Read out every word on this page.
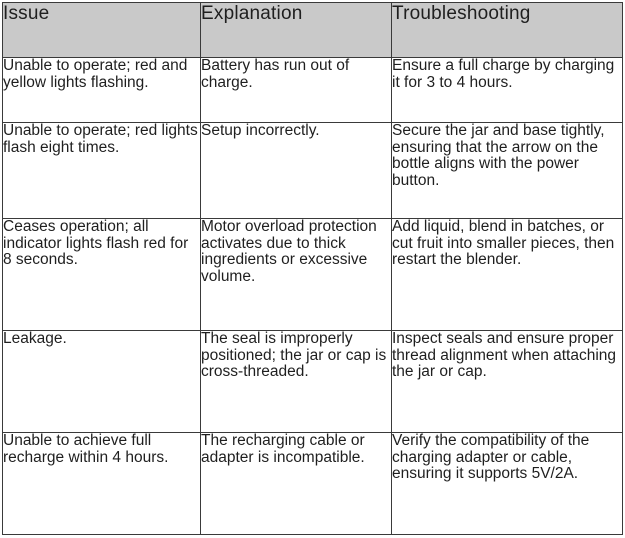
Issue	Explanation	Troubleshooting

Unable to operate; red and yellow lights flashing.	Battery has run out of charge.	Ensure a full charge by charging it for 3 to 4 hours.

Unable to operate; red lights flash eight times.	Setup incorrectly.	Secure the jar and base tightly, ensuring that the arrow on the bottle aligns with the power button.

Ceases operation; all indicator lights flash red for 8 seconds.	Motor overload protection activates due to thick ingredients or excessive volume.	Add liquid, blend in batches, or cut fruit into smaller pieces, then restart the blender.

Leakage.	The seal is improperly positioned; the jar or cap is cross-threaded.	Inspect seals and ensure proper thread alignment when attaching the jar or cap.

Unable to achieve full recharge within 4 hours.	The recharging cable or adapter is incompatible.	Verify the compatibility of the charging adapter or cable, ensuring it supports 5V/2A.
